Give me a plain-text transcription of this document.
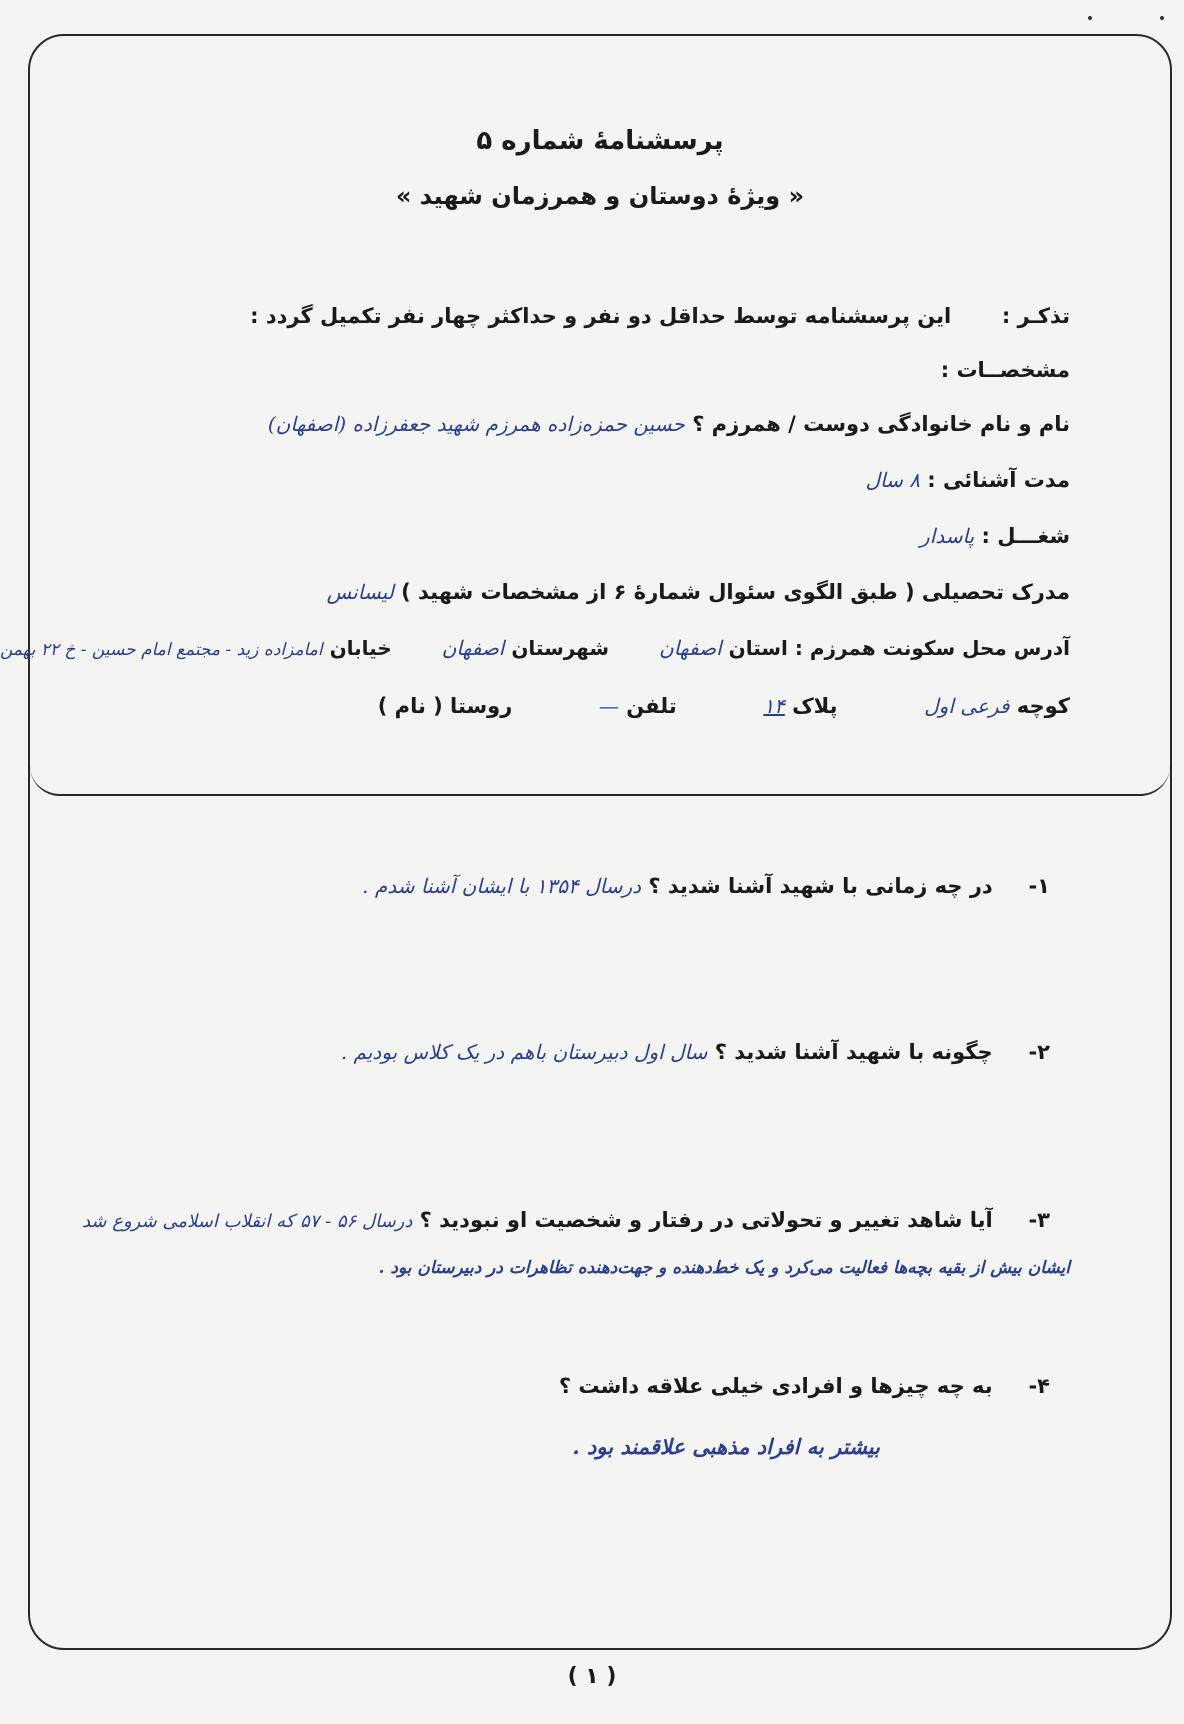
پرسشنامهٔ شماره ۵
« ویژهٔ دوستان و همرزمان شهید »
تذکـر :  این پرسشنامه توسط حداقل دو نفر و حداکثر چهار نفر تکمیل گردد :
مشخصــات :
نام و نام خانوادگی دوست / همرزم ؟ حسین حمزه‌زاده همرزم شهید جعفرزاده (اصفهان)
مدت آشنائی : ۸ سال
شغـــل : پاسدار
مدرک تحصیلی ( طبق الگوی سئوال شمارهٔ ۶ از مشخصات شهید ) لیسانس
آدرس محل سکونت همرزم : استان اصفهان  شهرستان اصفهان  خیابان امامزاده زید - مجتمع امام حسین - خ ۲۲ بهمن
کوچه فرعی اول  پلاک ۱۴  تلفن —  روستا ( نام )
۱- در چه زمانی با شهید آشنا شدید ؟ درسال ۱۳۵۴ با ایشان آشنا شدم .
۲- چگونه با شهید آشنا شدید ؟ سال اول دبیرستان باهم در یک کلاس بودیم .
۳- آیا شاهد تغییر و تحولاتی در رفتار و شخصیت او نبودید ؟ درسال ۵۶ - ۵۷ که انقلاب اسلامی شروع شد
ایشان بیش از بقیه بچه‌ها فعالیت می‌کرد و یک خط‌دهنده و جهت‌دهنده تظاهرات در دبیرستان بود .
۴- به چه چیزها و افرادی خیلی علاقه داشت ؟
بیشتر به افراد مذهبی علاقمند بود .
( ۱ )
